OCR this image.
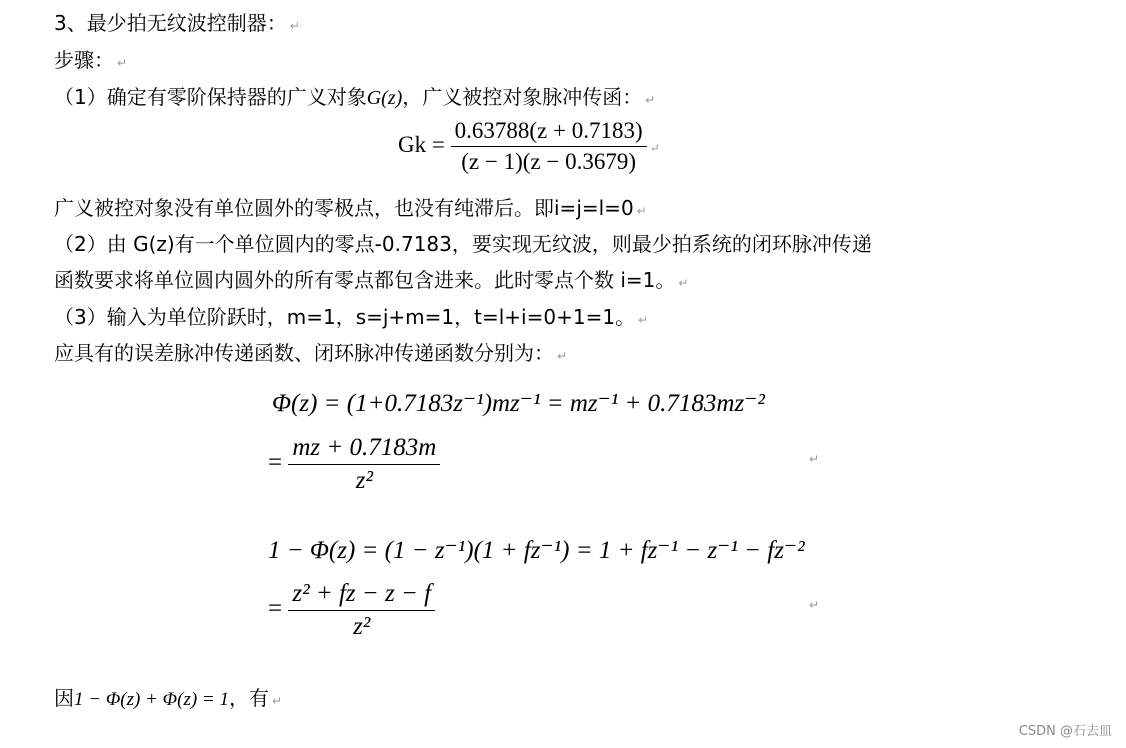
3、最少拍无纹波控制器： ↵
步骤： ↵
（1）确定有零阶保持器的广义对象G(z)，广义被控对象脉冲传函： ↵
$Gk = \frac{0.63788(z + 0.7183)}{(z - 1)(z - 0.3679)}$ ↵
广义被控对象没有单位圆外的零极点，也没有纯滞后。即i=j=l=0 ↵
（2）由 G(z)有一个单位圆内的零点-0.7183，要实现无纹波，则最少拍系统的闭环脉冲传递
函数要求将单位圆内圆外的所有零点都包含进来。此时零点个数 i=1。 ↵
（3）输入为单位阶跃时，m=1，s=j+m=1，t=l+i=0+1=1。 ↵
应具有的误差脉冲传递函数、闭环脉冲传递函数分别为： ↵
Φ(z) = (1+0.7183z⁻¹)mz⁻¹ = mz⁻¹ + 0.7183mz⁻²
= $\frac{mz + 0.7183m}{\text{z²}}$	↵
1 − Φ(z) = (1 − z⁻¹)(1 + fz⁻¹) = 1 + fz⁻¹ − z⁻¹ − fz⁻²
= $\frac{\text{z² + fz − z − f}}{\text{z²}}$	↵
因1 − Φ(z) + Φ(z) = 1，有 ↵
CSDN @石去皿
